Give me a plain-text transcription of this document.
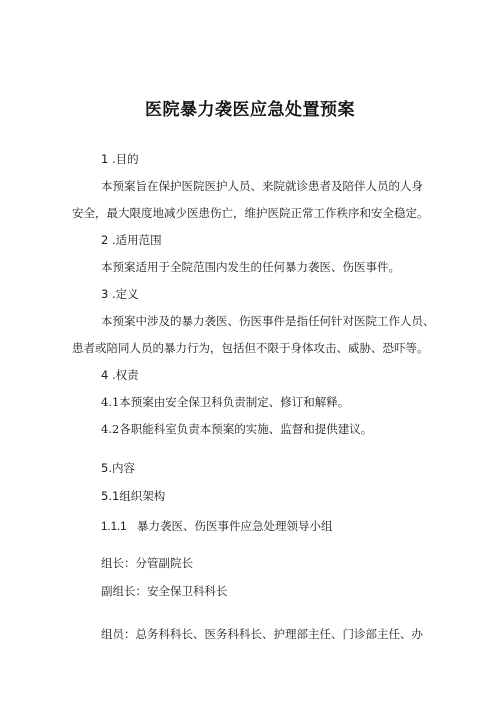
医院暴力袭医应急处置预案
1 .目的
本预案旨在保护医院医护人员、来院就诊患者及陪伴人员的人身
安全，最大限度地减少医患伤亡，维护医院正常工作秩序和安全稳定。
2 .适用范围
本预案适用于全院范围内发生的任何暴力袭医、伤医事件。
3 .定义
本预案中涉及的暴力袭医、伤医事件是指任何针对医院工作人员、
患者或陪同人员的暴力行为，包括但不限于身体攻击、威胁、恐吓等。
4 .权责
4.1本预案由安全保卫科负责制定、修订和解释。
4.2各职能科室负责本预案的实施、监督和提供建议。
5.内容
5.1组织架构
1.1.1 暴力袭医、伤医事件应急处理领导小组
组长：分管副院长
副组长：安全保卫科科长
组员：总务科科长、医务科科长、护理部主任、门诊部主任、办
